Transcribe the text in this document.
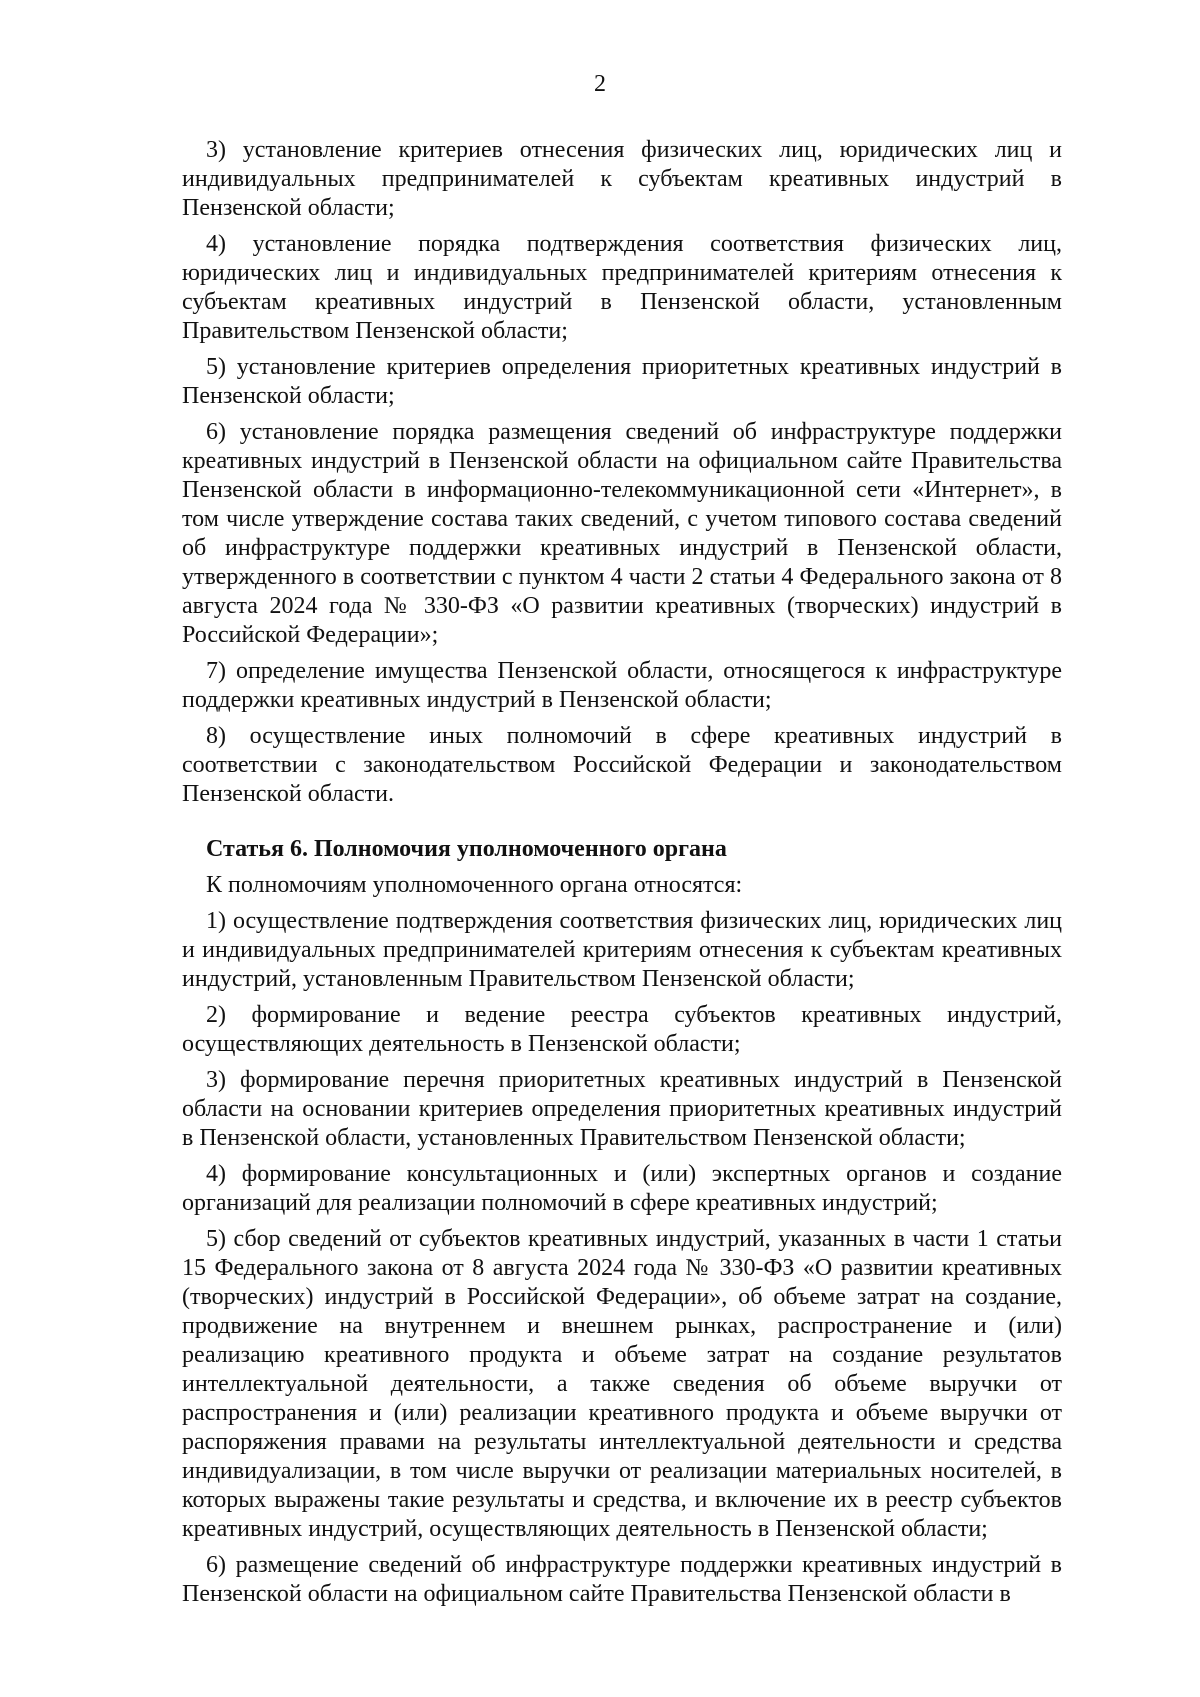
2

3) установление критериев отнесения физических лиц, юридических лиц и индивидуальных предпринимателей к субъектам креативных индустрий в Пензенской области;

4) установление порядка подтверждения соответствия физических лиц, юридических лиц и индивидуальных предпринимателей критериям отнесения к субъектам креативных индустрий в Пензенской области, установленным Правительством Пензенской области;

5) установление критериев определения приоритетных креативных индустрий в Пензенской области;

6) установление порядка размещения сведений об инфраструктуре поддержки креативных индустрий в Пензенской области на официальном сайте Правительства Пензенской области в информационно-телекоммуникационной сети «Интернет», в том числе утверждение состава таких сведений, с учетом типового состава сведений об инфраструктуре поддержки креативных индустрий в Пензенской области, утвержденного в соответствии с пунктом 4 части 2 статьи 4 Федерального закона от 8 августа 2024 года № 330-ФЗ «О развитии креативных (творческих) индустрий в Российской Федерации»;

7) определение имущества Пензенской области, относящегося к инфраструктуре поддержки креативных индустрий в Пензенской области;

8) осуществление иных полномочий в сфере креативных индустрий в соответствии с законодательством Российской Федерации и законодательством Пензенской области.

Статья 6. Полномочия уполномоченного органа

К полномочиям уполномоченного органа относятся:

1) осуществление подтверждения соответствия физических лиц, юридических лиц и индивидуальных предпринимателей критериям отнесения к субъектам креативных индустрий, установленным Правительством Пензенской области;

2) формирование и ведение реестра субъектов креативных индустрий, осуществляющих деятельность в Пензенской области;

3) формирование перечня приоритетных креативных индустрий в Пензенской области на основании критериев определения приоритетных креативных индустрий в Пензенской области, установленных Правительством Пензенской области;

4) формирование консультационных и (или) экспертных органов и создание организаций для реализации полномочий в сфере креативных индустрий;

5) сбор сведений от субъектов креативных индустрий, указанных в части 1 статьи 15 Федерального закона от 8 августа 2024 года № 330-ФЗ «О развитии креативных (творческих) индустрий в Российской Федерации», об объеме затрат на создание, продвижение на внутреннем и внешнем рынках, распространение и (или) реализацию креативного продукта и объеме затрат на создание результатов интеллектуальной деятельности, а также сведения об объеме выручки от распространения и (или) реализации креативного продукта и объеме выручки от распоряжения правами на результаты интеллектуальной деятельности и средства индивидуализации, в том числе выручки от реализации материальных носителей, в которых выражены такие результаты и средства, и включение их в реестр субъектов креативных индустрий, осуществляющих деятельность в Пензенской области;

6) размещение сведений об инфраструктуре поддержки креативных индустрий в Пензенской области на официальном сайте Правительства Пензенской области в
